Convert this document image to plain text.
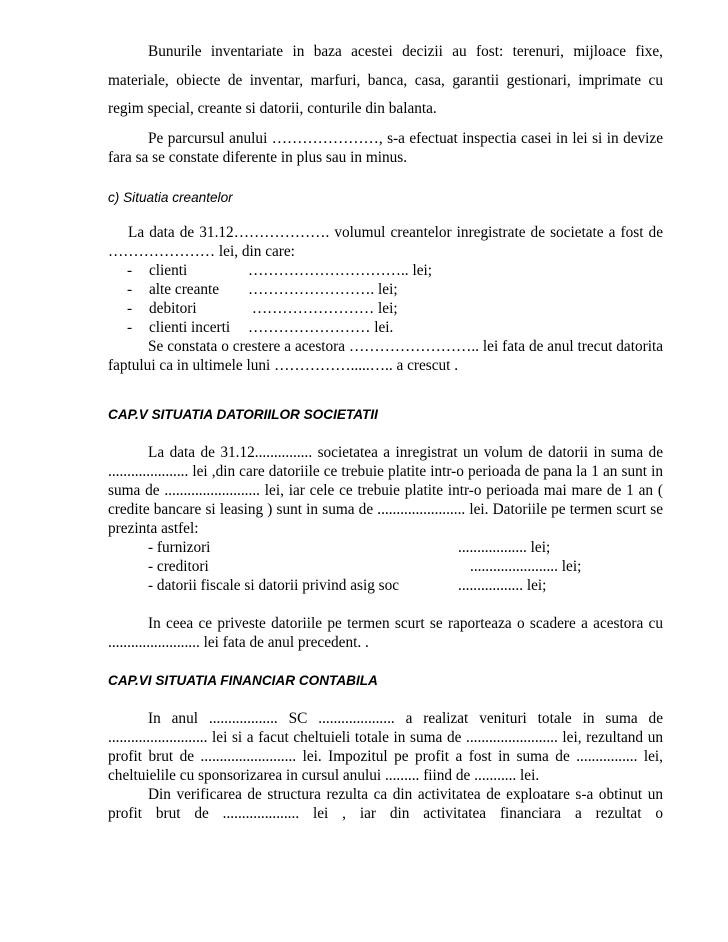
Bunurile inventariate in baza acestei decizii au fost: terenuri, mijloace fixe, materiale, obiecte de inventar, marfuri, banca, casa, garantii gestionari, imprimate cu regim special, creante si datorii, conturile din balanta.

Pe parcursul anului …………………, s-a efectuat inspectia casei in lei si in devize fara sa se constate diferente in plus sau in minus.

c) Situatia creantelor

La data de 31.12………………. volumul creantelor inregistrate de societate a fost de ………………… lei, din care:

- clienti	………………………….. lei;
- alte creante ……………………. lei;
- debitori	…………………… lei;
- clienti incerti …………………… lei.

Se constata o crestere a acestora …………………….. lei fata de anul trecut datorita faptului ca in ultimele luni …………….....….. a crescut .

CAP.V SITUATIA DATORIILOR SOCIETATII

La data de 31.12............... societatea a inregistrat un volum de datorii in suma de ..................... lei ,din care datoriile ce trebuie platite intr-o perioada de pana la 1 an sunt in suma de ......................... lei, iar cele ce trebuie platite intr-o perioada mai mare de 1 an ( credite bancare si leasing ) sunt in suma de ....................... lei. Datoriile pe termen scurt se prezinta astfel:

- furnizori	.................. lei;
- creditori	....................... lei;
- datorii fiscale si datorii privind asig soc	................. lei;

In ceea ce priveste datoriile pe termen scurt se raporteaza o scadere a acestora cu ........................ lei fata de anul precedent. .

CAP.VI SITUATIA FINANCIAR CONTABILA

In anul .................. SC .................... a realizat venituri totale in suma de .......................... lei si a facut cheltuieli totale in suma de ........................ lei, rezultand un profit brut de ......................... lei. Impozitul pe profit a fost in suma de ................ lei, cheltuielile cu sponsorizarea in cursul anului ......... fiind de ........... lei.

Din verificarea de structura rezulta ca din activitatea de exploatare s-a obtinut un profit brut de .................... lei , iar din activitatea financiara a rezultat o
